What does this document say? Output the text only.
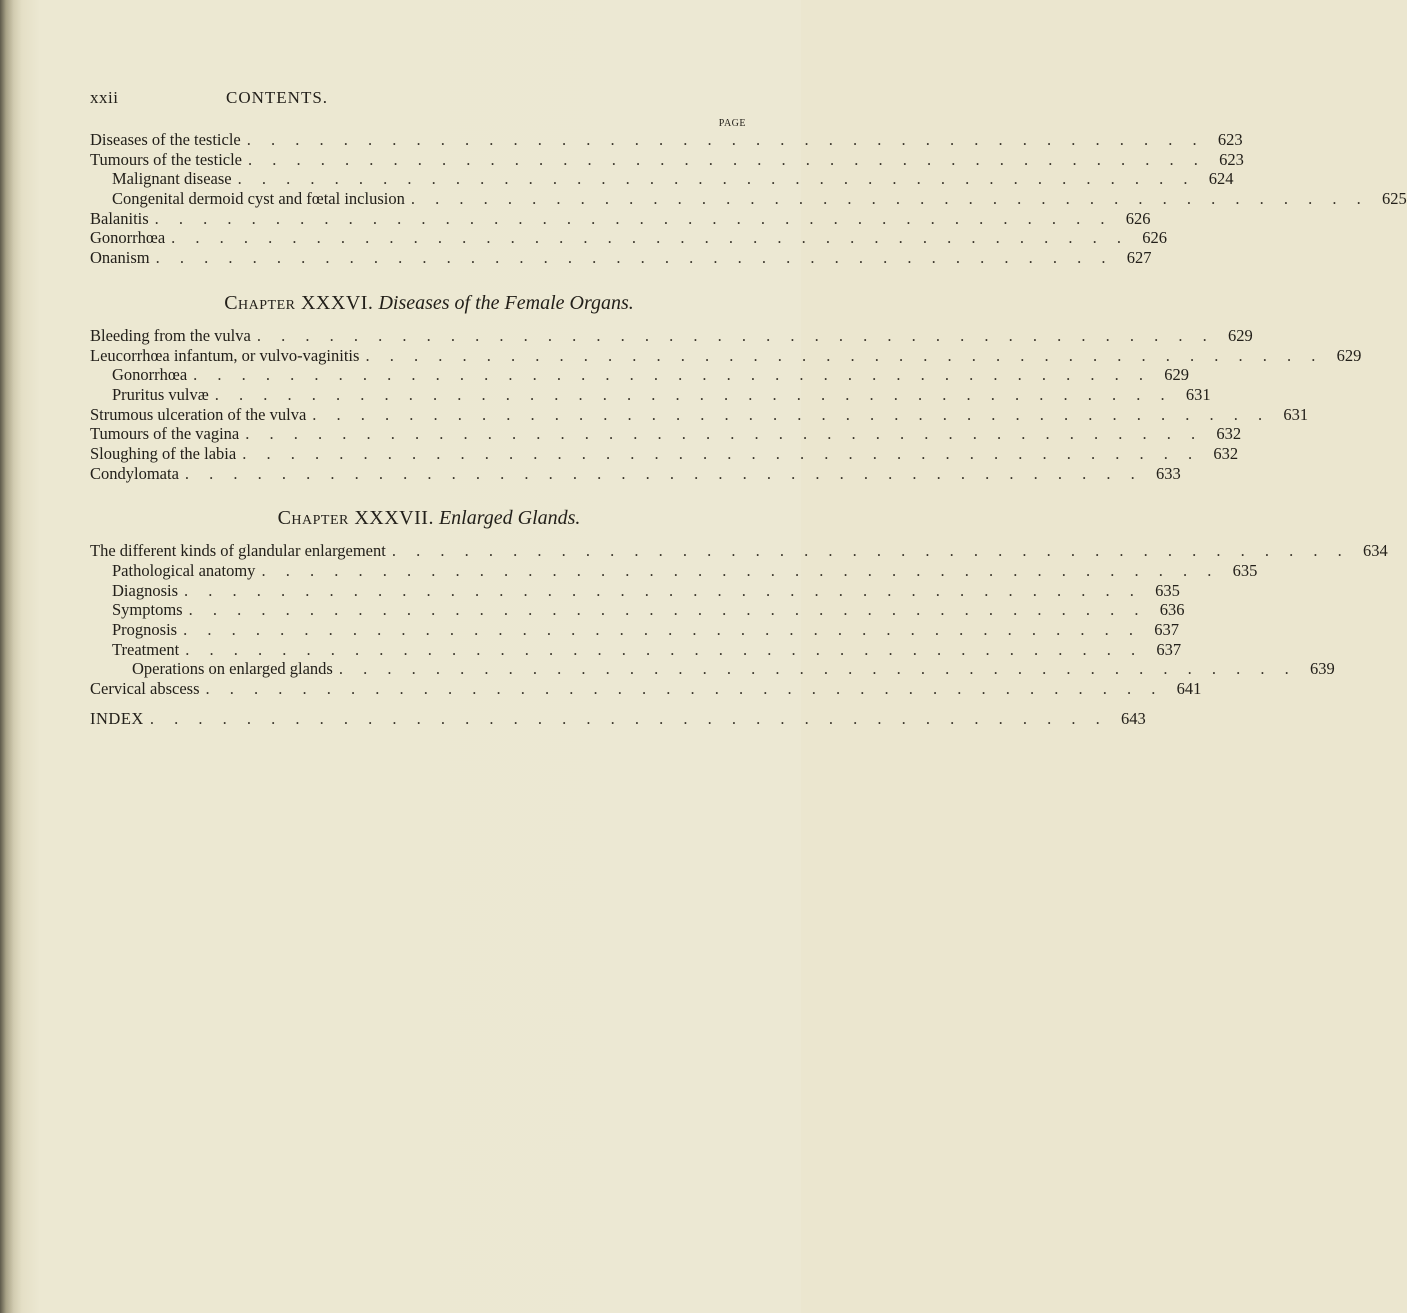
xxii	CONTENTS.
PAGE
Diseases of the testicle . . . . . . . . . . . . . . . . . . . . . . . . . . . . . . . . . . . . . . . . 623
Tumours of the testicle . . . . . . . . . . . . . . . . . . . . . . . . . . . . . . . . . . . . . . . . 623
Malignant disease . . . . . . . . . . . . . . . . . . . . . . . . . . . . . . . . . . . . . . . . 624
Congenital dermoid cyst and fœtal inclusion . . . . . . . . . . . . . . . . . . . . . . . . . . . . . . . . . . . . . . . . 625
Balanitis . . . . . . . . . . . . . . . . . . . . . . . . . . . . . . . . . . . . . . . . 626
Gonorrhœa . . . . . . . . . . . . . . . . . . . . . . . . . . . . . . . . . . . . . . . . 626
Onanism . . . . . . . . . . . . . . . . . . . . . . . . . . . . . . . . . . . . . . . . 627
Chapter XXXVI. Diseases of the Female Organs.
Bleeding from the vulva . . . . . . . . . . . . . . . . . . . . . . . . . . . . . . . . . . . . . . . . 629
Leucorrhœa infantum, or vulvo-vaginitis . . . . . . . . . . . . . . . . . . . . . . . . . . . . . . . . . . . . . . . . 629
Gonorrhœa . . . . . . . . . . . . . . . . . . . . . . . . . . . . . . . . . . . . . . . . 629
Pruritus vulvæ . . . . . . . . . . . . . . . . . . . . . . . . . . . . . . . . . . . . . . . . 631
Strumous ulceration of the vulva . . . . . . . . . . . . . . . . . . . . . . . . . . . . . . . . . . . . . . . . 631
Tumours of the vagina . . . . . . . . . . . . . . . . . . . . . . . . . . . . . . . . . . . . . . . . 632
Sloughing of the labia . . . . . . . . . . . . . . . . . . . . . . . . . . . . . . . . . . . . . . . . 632
Condylomata . . . . . . . . . . . . . . . . . . . . . . . . . . . . . . . . . . . . . . . . 633
Chapter XXXVII. Enlarged Glands.
The different kinds of glandular enlargement . . . . . . . . . . . . . . . . . . . . . . . . . . . . . . . . . . . . . . . . 634
Pathological anatomy . . . . . . . . . . . . . . . . . . . . . . . . . . . . . . . . . . . . . . . . 635
Diagnosis . . . . . . . . . . . . . . . . . . . . . . . . . . . . . . . . . . . . . . . . 635
Symptoms . . . . . . . . . . . . . . . . . . . . . . . . . . . . . . . . . . . . . . . . 636
Prognosis . . . . . . . . . . . . . . . . . . . . . . . . . . . . . . . . . . . . . . . . 637
Treatment . . . . . . . . . . . . . . . . . . . . . . . . . . . . . . . . . . . . . . . . 637
Operations on enlarged glands . . . . . . . . . . . . . . . . . . . . . . . . . . . . . . . . . . . . . . . . 639
Cervical abscess . . . . . . . . . . . . . . . . . . . . . . . . . . . . . . . . . . . . . . . . 641
INDEX . . . . . . . . . . . . . . . . . . . . . . . . . . . . . . . . . . . . . . . . 643
